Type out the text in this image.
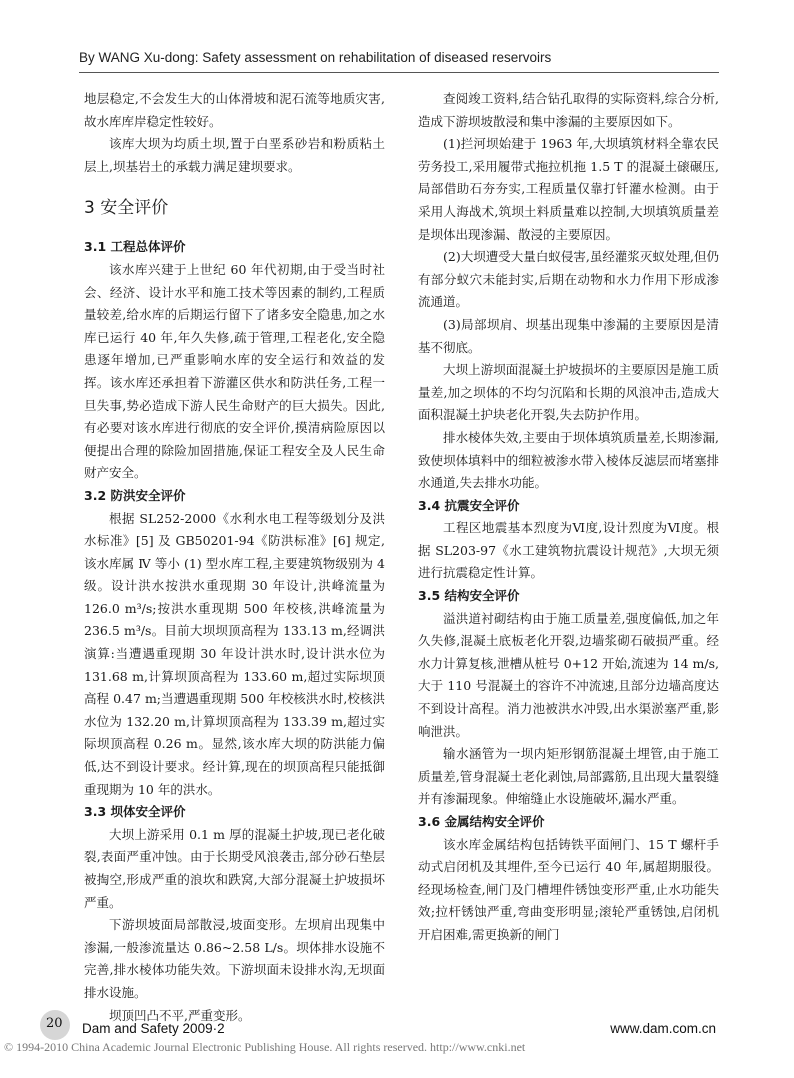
By WANG Xu-dong: Safety assessment on rehabilitation of diseased reservoirs

地层稳定,不会发生大的山体滑坡和泥石流等地质灾害,故水库库岸稳定性较好。

该库大坝为均质土坝,置于白垩系砂岩和粉质粘土层上,坝基岩土的承载力满足建坝要求。

3 安全评价
3.1 工程总体评价

该水库兴建于上世纪 60 年代初期,由于受当时社会、经济、设计水平和施工技术等因素的制约,工程质量较差,给水库的后期运行留下了诸多安全隐患,加之水库已运行 40 年,年久失修,疏于管理,工程老化,安全隐患逐年增加,已严重影响水库的安全运行和效益的发挥。该水库还承担着下游灌区供水和防洪任务,工程一旦失事,势必造成下游人民生命财产的巨大损失。因此,有必要对该水库进行彻底的安全评价,摸清病险原因以便提出合理的除险加固措施,保证工程安全及人民生命财产安全。

3.2 防洪安全评价

根据 SL252-2000《水利水电工程等级划分及洪水标准》[5] 及 GB50201-94《防洪标准》[6] 规定,该水库属 Ⅳ 等小 (1) 型水库工程,主要建筑物级别为 4 级。设计洪水按洪水重现期 30 年设计,洪峰流量为 126.0 m³/s;按洪水重现期 500 年校核,洪峰流量为 236.5 m³/s。目前大坝坝顶高程为 133.13 m,经调洪演算:当遭遇重现期 30 年设计洪水时,设计洪水位为 131.68 m,计算坝顶高程为 133.60 m,超过实际坝顶高程 0.47 m;当遭遇重现期 500 年校核洪水时,校核洪水位为 132.20 m,计算坝顶高程为 133.39 m,超过实际坝顶高程 0.26 m。显然,该水库大坝的防洪能力偏低,达不到设计要求。经计算,现在的坝顶高程只能抵御重现期为 10 年的洪水。

3.3 坝体安全评价

大坝上游采用 0.1 m 厚的混凝土护坡,现已老化破裂,表面严重冲蚀。由于长期受风浪袭击,部分砂石垫层被掏空,形成严重的浪坎和跌窝,大部分混凝土护坡损坏严重。

下游坝坡面局部散浸,坡面变形。左坝肩出现集中渗漏,一般渗流量达 0.86~2.58 L/s。坝体排水设施不完善,排水棱体功能失效。下游坝面未设排水沟,无坝面排水设施。

坝顶凹凸不平,严重变形。

查阅竣工资料,结合钻孔取得的实际资料,综合分析,造成下游坝坡散浸和集中渗漏的主要原因如下。

(1)拦河坝始建于 1963 年,大坝填筑材料全靠农民劳务投工,采用履带式拖拉机拖 1.5 T 的混凝土磙碾压,局部借助石夯夯实,工程质量仅靠打钎灌水检测。由于采用人海战术,筑坝土料质量难以控制,大坝填筑质量差是坝体出现渗漏、散浸的主要原因。

(2)大坝遭受大量白蚁侵害,虽经灌浆灭蚁处理,但仍有部分蚁穴未能封实,后期在动物和水力作用下形成渗流通道。

(3)局部坝肩、坝基出现集中渗漏的主要原因是清基不彻底。

大坝上游坝面混凝土护坡损坏的主要原因是施工质量差,加之坝体的不均匀沉陷和长期的风浪冲击,造成大面积混凝土护块老化开裂,失去防护作用。

排水棱体失效,主要由于坝体填筑质量差,长期渗漏,致使坝体填料中的细粒被渗水带入棱体反滤层而堵塞排水通道,失去排水功能。

3.4 抗震安全评价

工程区地震基本烈度为Ⅵ度,设计烈度为Ⅵ度。根据 SL203-97《水工建筑物抗震设计规范》,大坝无须进行抗震稳定性计算。

3.5 结构安全评价

溢洪道衬砌结构由于施工质量差,强度偏低,加之年久失修,混凝土底板老化开裂,边墙浆砌石破损严重。经水力计算复核,泄槽从桩号 0+12 开始,流速为 14 m/s,大于 110 号混凝土的容许不冲流速,且部分边墙高度达不到设计高程。消力池被洪水冲毁,出水渠淤塞严重,影响泄洪。

输水涵管为一坝内矩形钢筋混凝土埋管,由于施工质量差,管身混凝土老化剥蚀,局部露筋,且出现大量裂缝并有渗漏现象。伸缩缝止水设施破坏,漏水严重。

3.6 金属结构安全评价

该水库金属结构包括铸铁平面闸门、15 T 螺杆手动式启闭机及其埋件,至今已运行 40 年,属超期服役。经现场检查,闸门及门槽埋件锈蚀变形严重,止水功能失效;拉杆锈蚀严重,弯曲变形明显;滚轮严重锈蚀,启闭机开启困难,需更换新的闸门

20 Dam and Safety 2009·2	www.dam.com.cn
© 1994-2010 China Academic Journal Electronic Publishing House. All rights reserved. http://www.cnki.net
